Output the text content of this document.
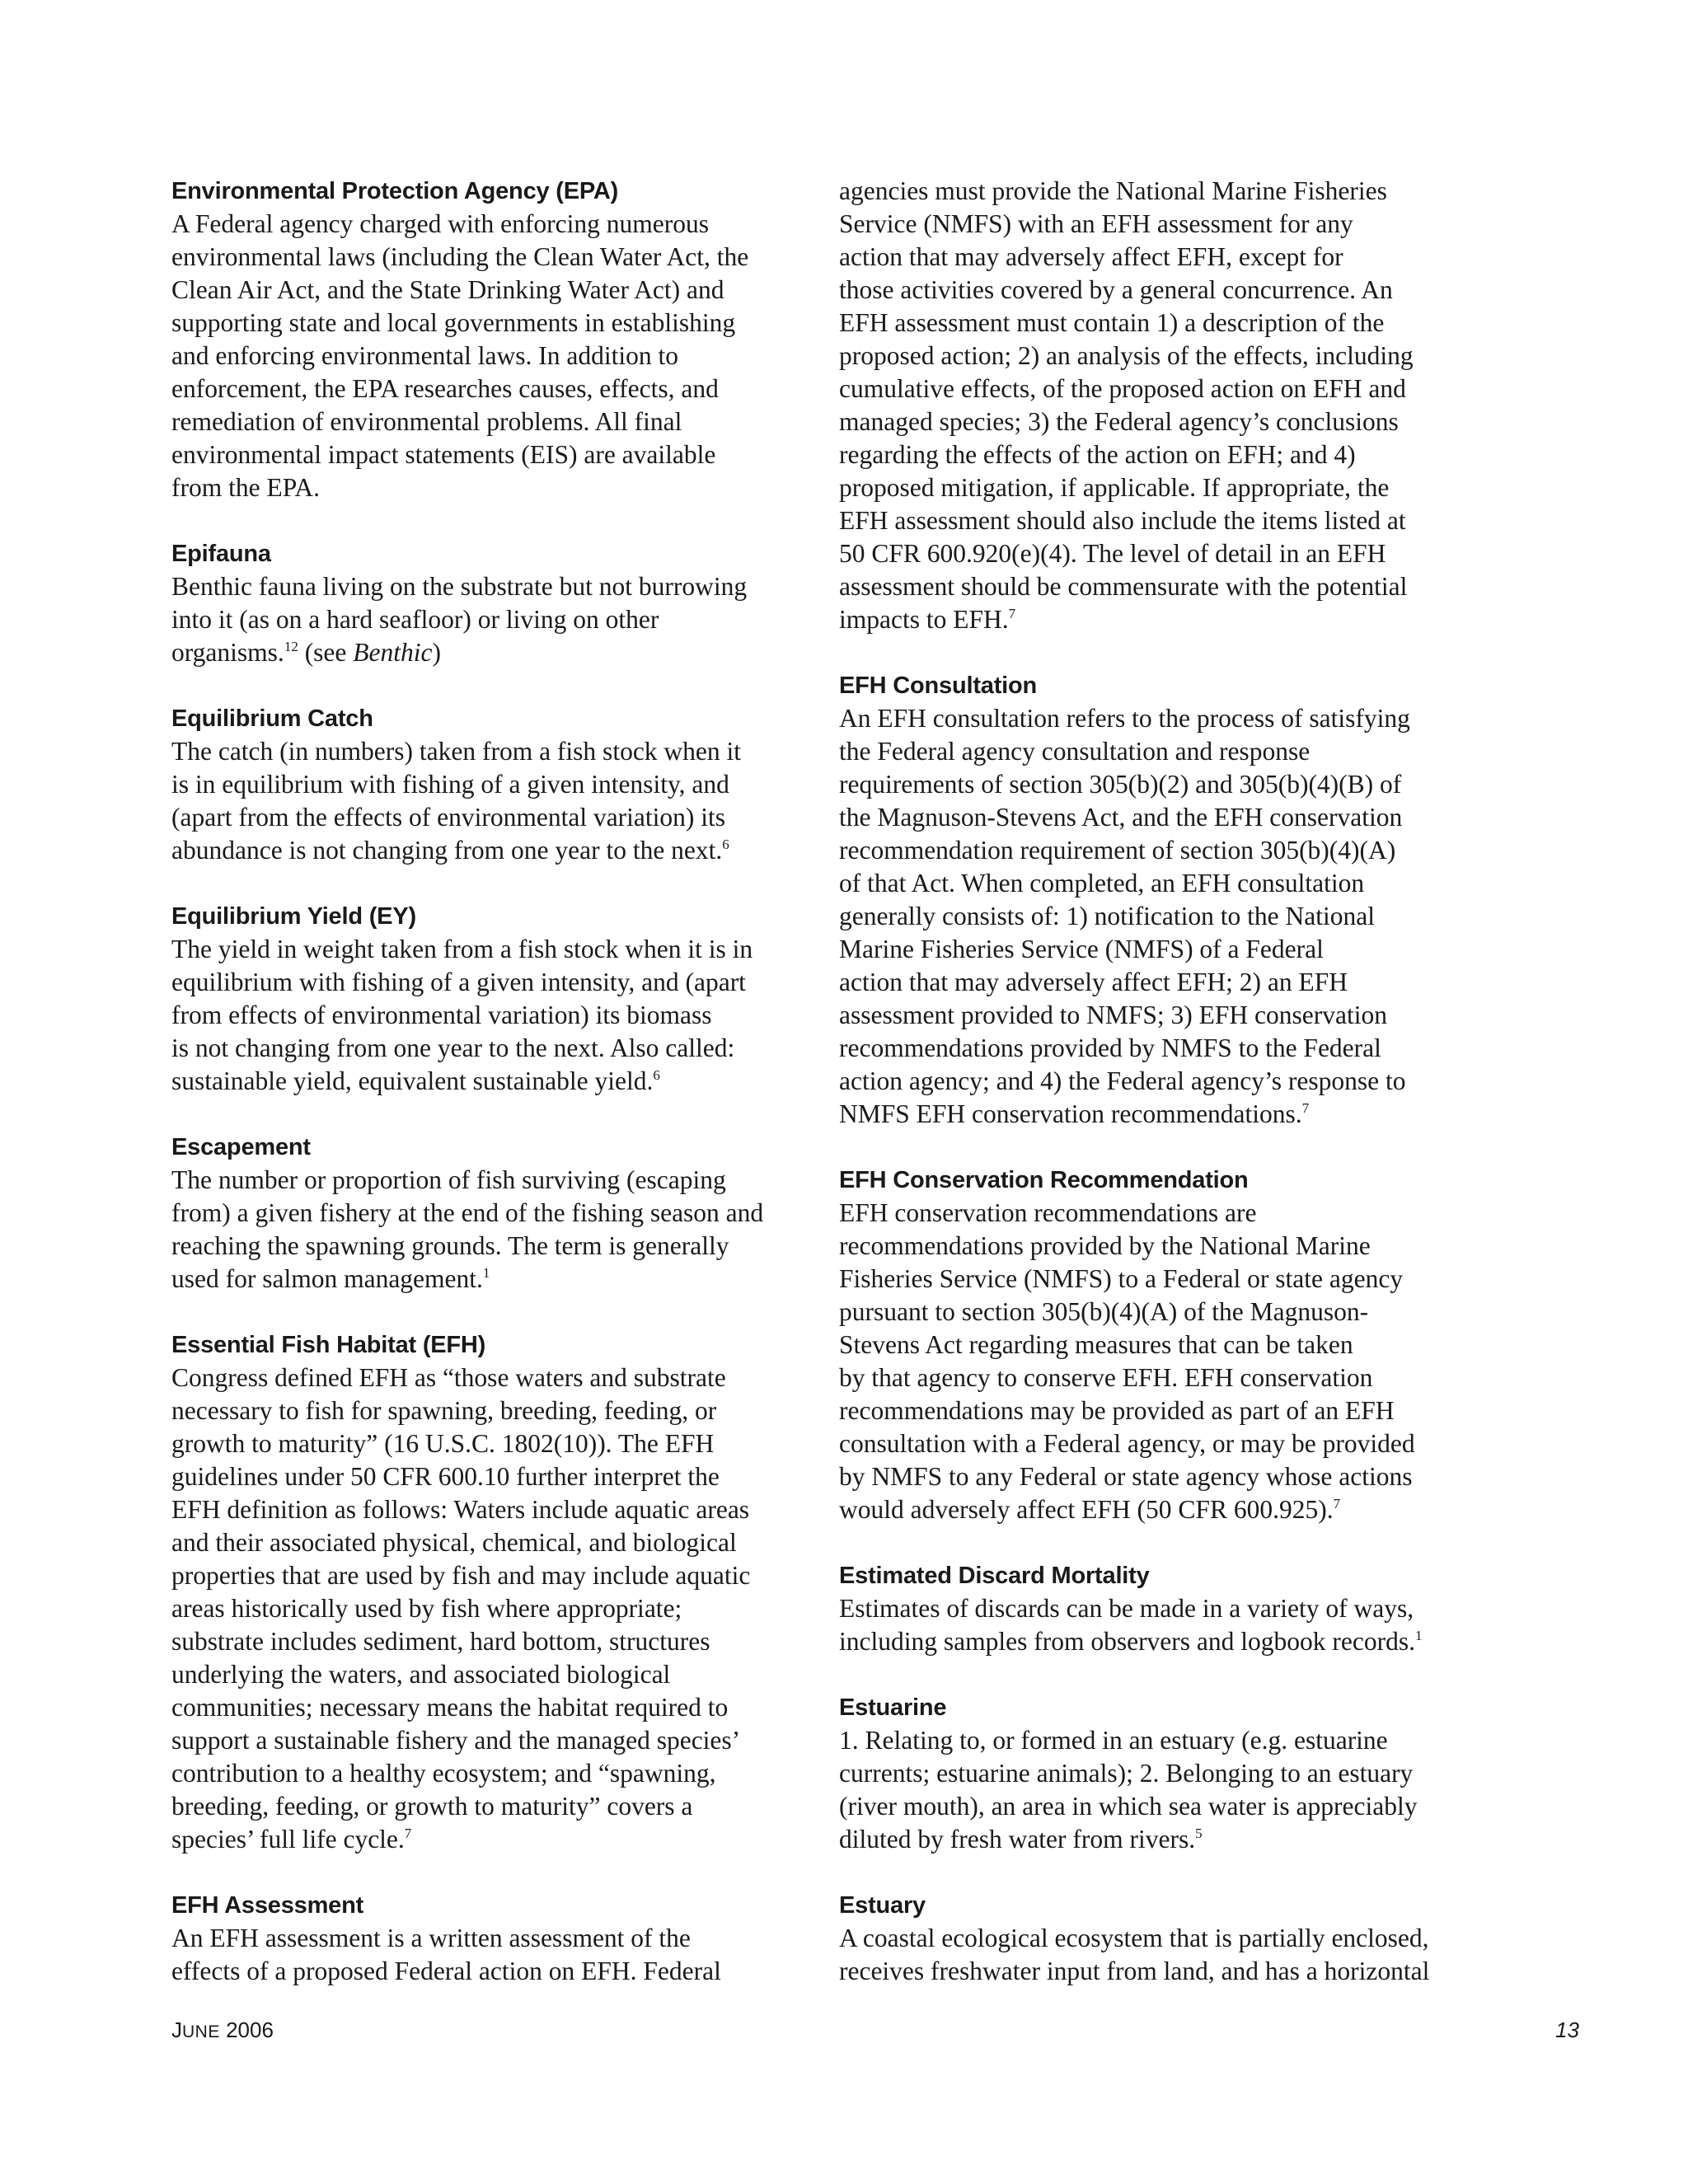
Environmental Protection Agency (EPA)

A Federal agency charged with enforcing numerous
environmental laws (including the Clean Water Act, the
Clean Air Act, and the State Drinking Water Act) and
supporting state and local governments in establishing
and enforcing environmental laws. In addition to
enforcement, the EPA researches causes, effects, and
remediation of environmental problems. All final
environmental impact statements (EIS) are available
from the EPA.

Epifauna

Benthic fauna living on the substrate but not burrowing
into it (as on a hard seafloor) or living on other
organisms.$^{12}$ (see Benthic)

Equilibrium Catch

The catch (in numbers) taken from a fish stock when it
is in equilibrium with fishing of a given intensity, and
(apart from the effects of environmental variation) its
abundance is not changing from one year to the next.$^6$

Equilibrium Yield (EY)

The yield in weight taken from a fish stock when it is in
equilibrium with fishing of a given intensity, and (apart
from effects of environmental variation) its biomass
is not changing from one year to the next. Also called:
sustainable yield, equivalent sustainable yield.$^6$

Escapement

The number or proportion of fish surviving (escaping
from) a given fishery at the end of the fishing season and
reaching the spawning grounds. The term is generally
used for salmon management.$^1$

Essential Fish Habitat (EFH)

Congress defined EFH as “those waters and substrate
necessary to fish for spawning, breeding, feeding, or
growth to maturity” (16 U.S.C. 1802(10)). The EFH
guidelines under 50 CFR 600.10 further interpret the
EFH definition as follows: Waters include aquatic areas
and their associated physical, chemical, and biological
properties that are used by fish and may include aquatic
areas historically used by fish where appropriate;
substrate includes sediment, hard bottom, structures
underlying the waters, and associated biological
communities; necessary means the habitat required to
support a sustainable fishery and the managed species’
contribution to a healthy ecosystem; and “spawning,
breeding, feeding, or growth to maturity” covers a
species’ full life cycle.$^7$

EFH Assessment

An EFH assessment is a written assessment of the
effects of a proposed Federal action on EFH. Federal

agencies must provide the National Marine Fisheries
Service (NMFS) with an EFH assessment for any
action that may adversely affect EFH, except for
those activities covered by a general concurrence. An
EFH assessment must contain 1) a description of the
proposed action; 2) an analysis of the effects, including
cumulative effects, of the proposed action on EFH and
managed species; 3) the Federal agency’s conclusions
regarding the effects of the action on EFH; and 4)
proposed mitigation, if applicable. If appropriate, the
EFH assessment should also include the items listed at
50 CFR 600.920(e)(4). The level of detail in an EFH
assessment should be commensurate with the potential
impacts to EFH.$^7$

EFH Consultation

An EFH consultation refers to the process of satisfying
the Federal agency consultation and response
requirements of section 305(b)(2) and 305(b)(4)(B) of
the Magnuson-Stevens Act, and the EFH conservation
recommendation requirement of section 305(b)(4)(A)
of that Act. When completed, an EFH consultation
generally consists of: 1) notification to the National
Marine Fisheries Service (NMFS) of a Federal
action that may adversely affect EFH; 2) an EFH
assessment provided to NMFS; 3) EFH conservation
recommendations provided by NMFS to the Federal
action agency; and 4) the Federal agency’s response to
NMFS EFH conservation recommendations.$^7$

EFH Conservation Recommendation

EFH conservation recommendations are
recommendations provided by the National Marine
Fisheries Service (NMFS) to a Federal or state agency
pursuant to section 305(b)(4)(A) of the Magnuson-
Stevens Act regarding measures that can be taken
by that agency to conserve EFH. EFH conservation
recommendations may be provided as part of an EFH
consultation with a Federal agency, or may be provided
by NMFS to any Federal or state agency whose actions
would adversely affect EFH (50 CFR 600.925).$^7$

Estimated Discard Mortality

Estimates of discards can be made in a variety of ways,
including samples from observers and logbook records.$^1$

Estuarine

1. Relating to, or formed in an estuary (e.g. estuarine
currents; estuarine animals); 2. Belonging to an estuary
(river mouth), an area in which sea water is appreciably
diluted by fresh water from rivers.$^5$

Estuary

A coastal ecological ecosystem that is partially enclosed,
receives freshwater input from land, and has a horizontal

JUNE 2006	13
